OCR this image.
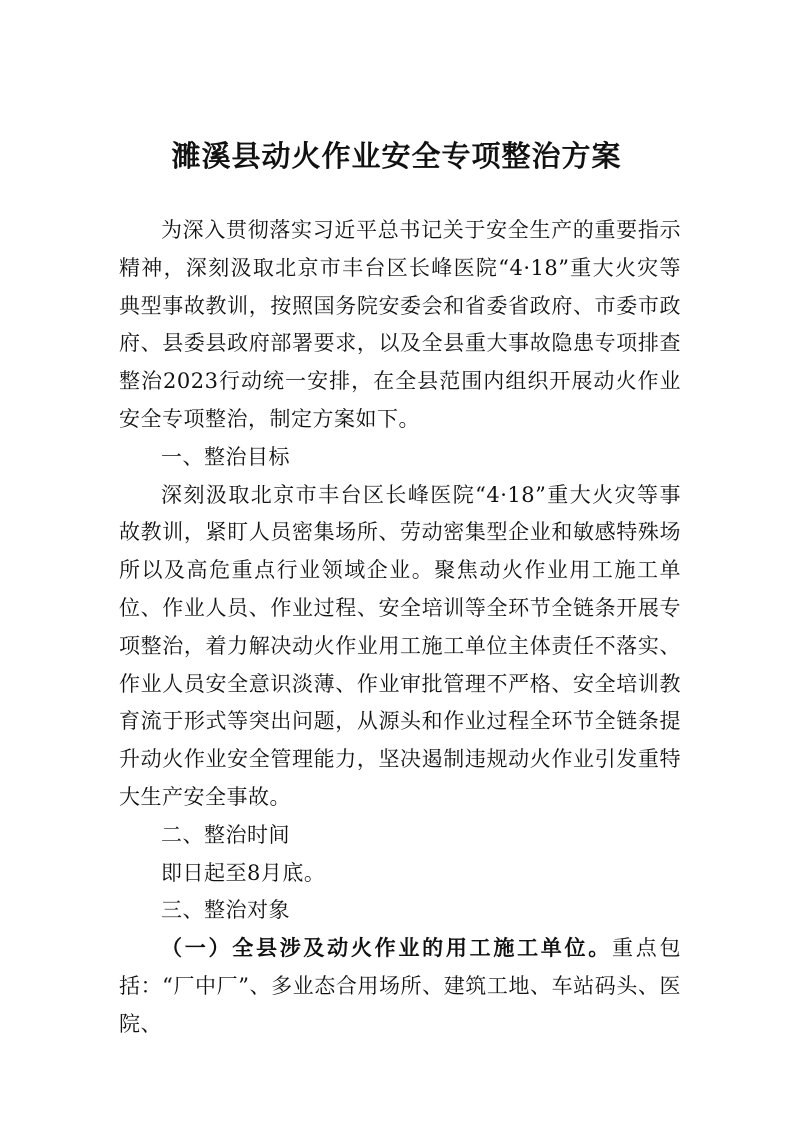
濉溪县动火作业安全专项整治方案

为深入贯彻落实习近平总书记关于安全生产的重要指示精神，深刻汲取北京市丰台区长峰医院“4·18”重大火灾等典型事故教训，按照国务院安委会和省委省政府、市委市政府、县委县政府部署要求，以及全县重大事故隐患专项排查整治2023行动统一安排，在全县范围内组织开展动火作业安全专项整治，制定方案如下。

一、整治目标

深刻汲取北京市丰台区长峰医院“4·18”重大火灾等事故教训，紧盯人员密集场所、劳动密集型企业和敏感特殊场所以及高危重点行业领域企业。聚焦动火作业用工施工单位、作业人员、作业过程、安全培训等全环节全链条开展专项整治，着力解决动火作业用工施工单位主体责任不落实、作业人员安全意识淡薄、作业审批管理不严格、安全培训教育流于形式等突出问题，从源头和作业过程全环节全链条提升动火作业安全管理能力，坚决遏制违规动火作业引发重特大生产安全事故。

二、整治时间

即日起至8月底。

三、整治对象

（一）全县涉及动火作业的用工施工单位。重点包括：“厂中厂”、多业态合用场所、建筑工地、车站码头、医院、
